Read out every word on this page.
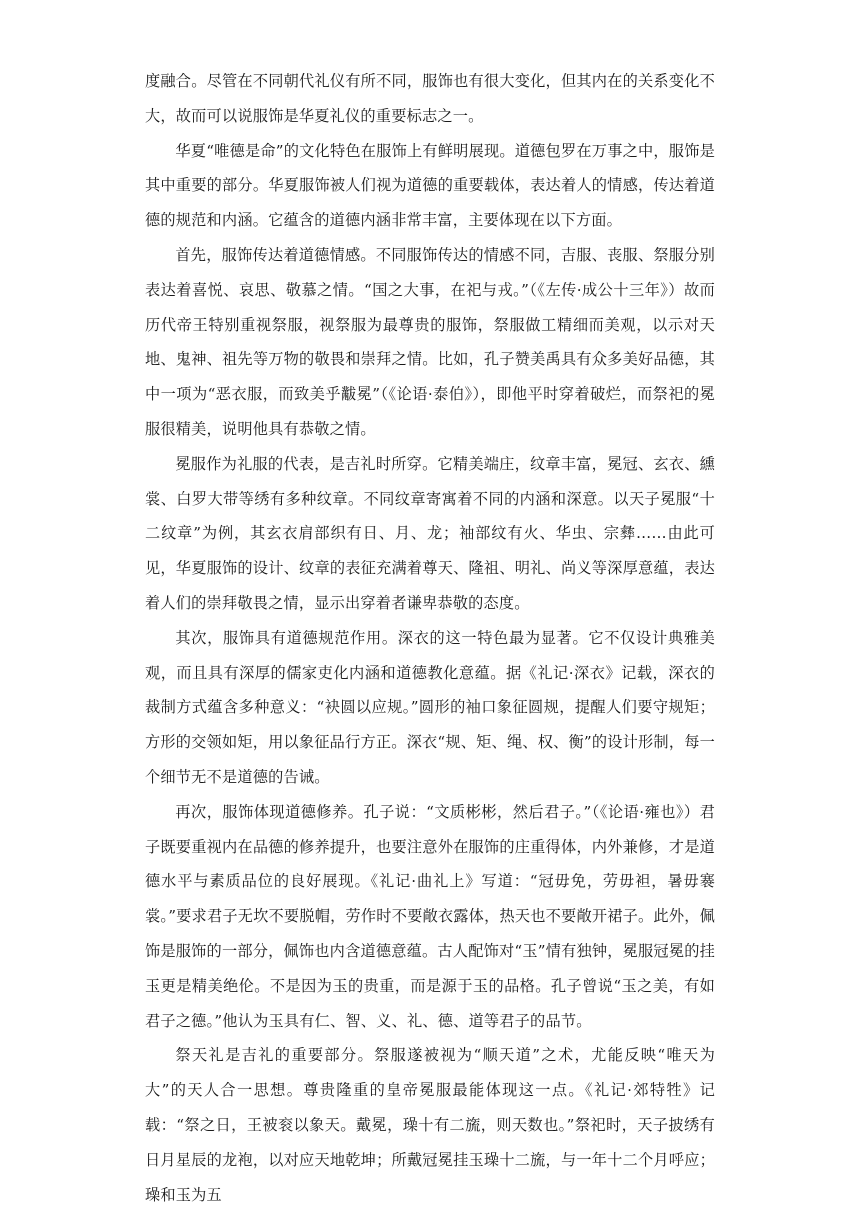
度融合。尽管在不同朝代礼仪有所不同，服饰也有很大变化，但其内在的关系变化不大，故而可以说服饰是华夏礼仪的重要标志之一。

华夏“唯德是命”的文化特色在服饰上有鲜明展现。道德包罗在万事之中，服饰是其中重要的部分。华夏服饰被人们视为道德的重要载体，表达着人的情感，传达着道德的规范和内涵。它蕴含的道德内涵非常丰富，主要体现在以下方面。

首先，服饰传达着道德情感。不同服饰传达的情感不同，吉服、丧服、祭服分别表达着喜悦、哀思、敬慕之情。“国之大事，在祀与戎。”（《左传·成公十三年》）故而历代帝王特别重视祭服，视祭服为最尊贵的服饰，祭服做工精细而美观，以示对天地、鬼神、祖先等万物的敬畏和崇拜之情。比如，孔子赞美禹具有众多美好品德，其中一项为“恶衣服，而致美乎黻冕”（《论语·泰伯》），即他平时穿着破烂，而祭祀的冕服很精美，说明他具有恭敬之情。

冕服作为礼服的代表，是吉礼时所穿。它精美端庄，纹章丰富，冕冠、玄衣、纁裳、白罗大带等绣有多种纹章。不同纹章寄寓着不同的内涵和深意。以天子冕服“十二纹章”为例，其玄衣肩部织有日、月、龙；袖部纹有火、华虫、宗彝……由此可见，华夏服饰的设计、纹章的表征充满着尊天、隆祖、明礼、尚义等深厚意蕴，表达着人们的崇拜敬畏之情，显示出穿着者谦卑恭敬的态度。

其次，服饰具有道德规范作用。深衣的这一特色最为显著。它不仅设计典雅美观，而且具有深厚的儒家吏化内涵和道德教化意蕴。据《礼记·深衣》记载，深衣的裁制方式蕴含多种意义：“袂圆以应规。”圆形的袖口象征圆规，提醒人们要守规矩；方形的交领如矩，用以象征品行方正。深衣“规、矩、绳、权、衡”的设计形制，每一个细节无不是道德的告诫。

再次，服饰体现道德修养。孔子说：“文质彬彬，然后君子。”（《论语·雍也》）君子既要重视内在品德的修养提升，也要注意外在服饰的庄重得体，内外兼修，才是道德水平与素质品位的良好展现。《礼记·曲礼上》写道：“冠毋免，劳毋袒，暑毋褰裳。”要求君子无坎不要脱帽，劳作时不要敞衣露体，热天也不要敞开裙子。此外，佩饰是服饰的一部分，佩饰也内含道德意蕴。古人配饰对“玉”情有独钟，冕服冠冕的挂玉更是精美绝伦。不是因为玉的贵重，而是源于玉的品格。孔子曾说“玉之美，有如君子之德。”他认为玉具有仁、智、义、礼、德、道等君子的品节。

祭天礼是吉礼的重要部分。祭服遂被视为“顺天道”之术，尤能反映“唯天为大”的天人合一思想。尊贵隆重的皇帝冕服最能体现这一点。《礼记·郊特牲》记载：“祭之日，王被衮以象天。戴冕，璪十有二旒，则天数也。”祭祀时，天子披绣有日月星辰的龙袍，以对应天地乾坤；所戴冠冕挂玉璪十二旒，与一年十二个月呼应；璪和玉为五
